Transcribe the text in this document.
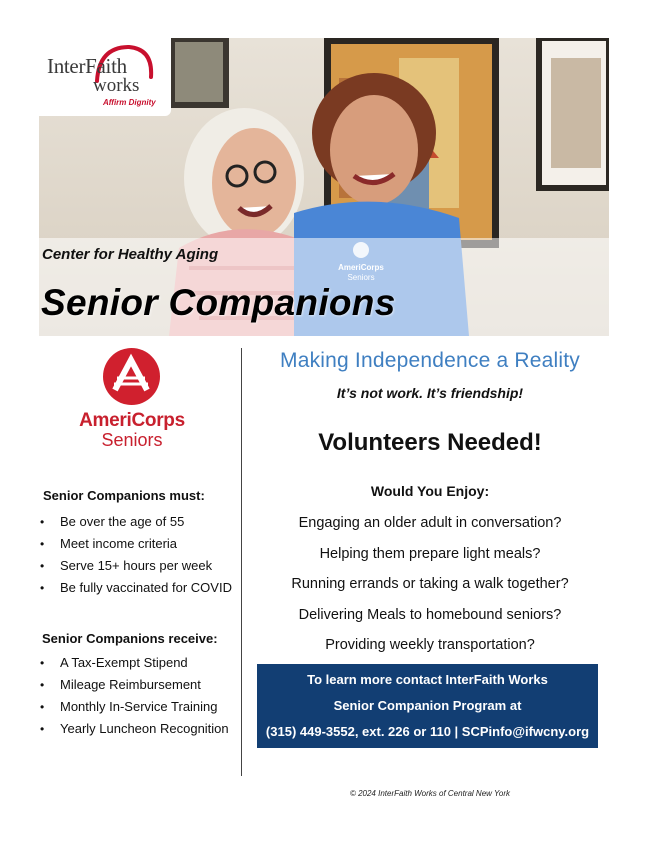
InterFaith
works
Affirm Dignity
Center for Healthy Aging
Senior Companions
AmeriCorps
Seniors
Senior Companions must:
• Be over the age of 55
• Meet income criteria
• Serve 15+ hours per week
• Be fully vaccinated for COVID
Senior Companions receive:
• A Tax-Exempt Stipend
• Mileage Reimbursement
• Monthly In-Service Training
• Yearly Luncheon Recognition
Making Independence a Reality
It’s not work. It’s friendship!
Volunteers Needed!
Would You Enjoy:
Engaging an older adult in conversation?
Helping them prepare light meals?
Running errands or taking a walk together?
Delivering Meals to homebound seniors?
Providing weekly transportation?
To learn more contact InterFaith Works
Senior Companion Program at
(315) 449-3552, ext. 226 or 110 | SCPinfo@ifwcny.org
© 2024 InterFaith Works of Central New York
